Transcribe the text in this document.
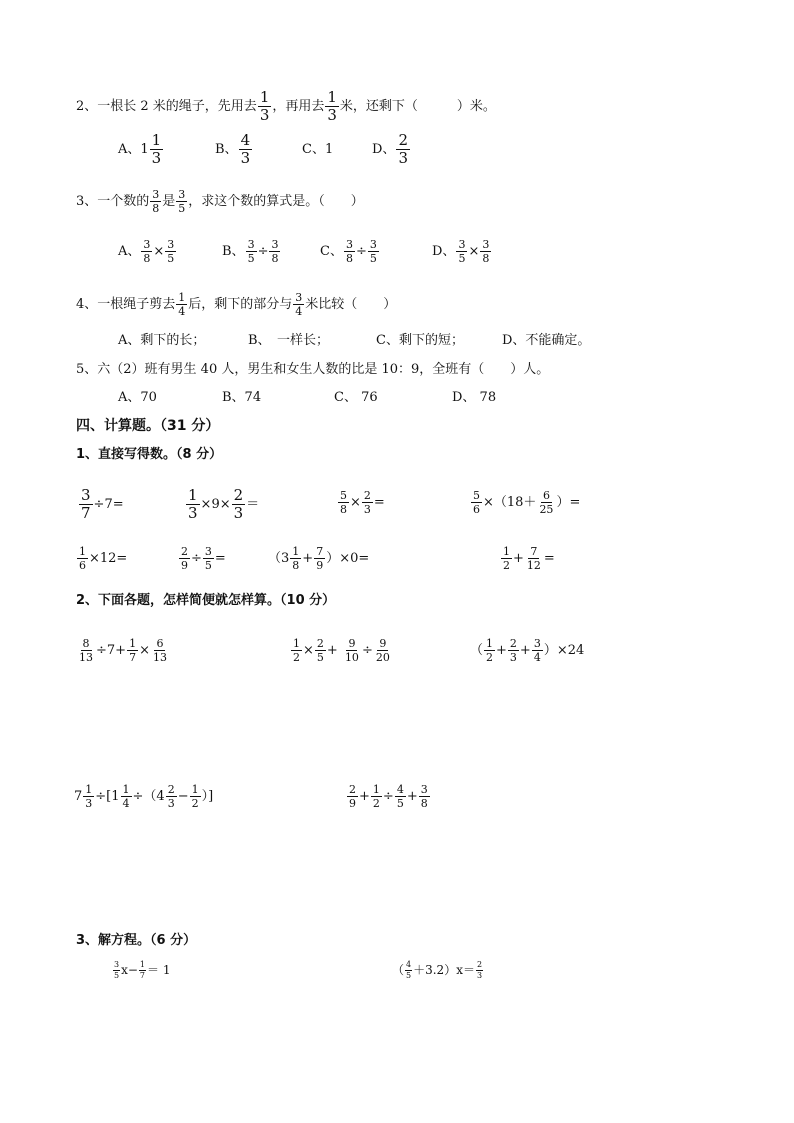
2、一根长 2 米的绳子，先用去 $\frac{1}{3}$ ，再用去 $\frac{1}{3}$ 米，还剩下（　　　）米。
A、$1 \frac{1}{3}$	B、 $\frac{4}{3}$	C、1	D、 $\frac{2}{3}$
3、一个数的 $\frac{3}{8}$ 是 $\frac{3}{5}$ ，求这个数的算式是。（　　）
A、 $\frac{3}{8} \times \frac{3}{5}$	B、 $\frac{3}{5} \div \frac{3}{8}$	C、 $\frac{3}{8} \div \frac{3}{5}$	D、 $\frac{3}{5} \times \frac{3}{8}$
4、一根绳子剪去 $\frac{1}{4}$ 后，剩下的部分与 $\frac{3}{4}$ 米比较（　　）
A、剩下的长；	B、　一样长；	C、剩下的短；	D、不能确定。
5、六（2）班有男生 40 人，男生和女生人数的比是 10：9，全班有（　　）人。
A、70	B、74	C、 76	D、 78
四、计算题。（31 分）
1、直接写得数。（8 分）
$\frac{3}{7} \div 7=$	$\frac{1}{3} \times 9\times \frac{2}{3}$ ＝	$\frac{5}{8} \times \frac{2}{3}$ =	$\frac{5}{6} \times(18+ \frac{6}{25}$ ）=
$\frac{1}{6} \times 12=$	$\frac{2}{9} \div \frac{3}{5}$ =	$(3 \frac{1}{8} + \frac{7}{9} )\times 0=$	$\frac{1}{2} + \frac{7}{12}$ =
2、下面各题，怎样简便就怎样算。（10 分）
$\frac{8}{13} \div 7+ \frac{1}{7} \times \frac{6}{13}$	$\frac{1}{2} \times \frac{2}{5} + \frac{9}{10} \div \frac{9}{20}$	（ $\frac{1}{2} + \frac{2}{3} + \frac{3}{4} )\times 24$
$7 \frac{1}{3} \div[1 \frac{1}{4} \div(4 \frac{2}{3} - \frac{1}{2}$ ）]	$\frac{2}{9} + \frac{1}{2} \div \frac{4}{5} + \frac{3}{8}$
3、解方程。（6 分）
$\frac{3}{5} x- \frac{1}{7} = 1$	（ $\frac{4}{5} +3.2)x= \frac{2}{3}$
